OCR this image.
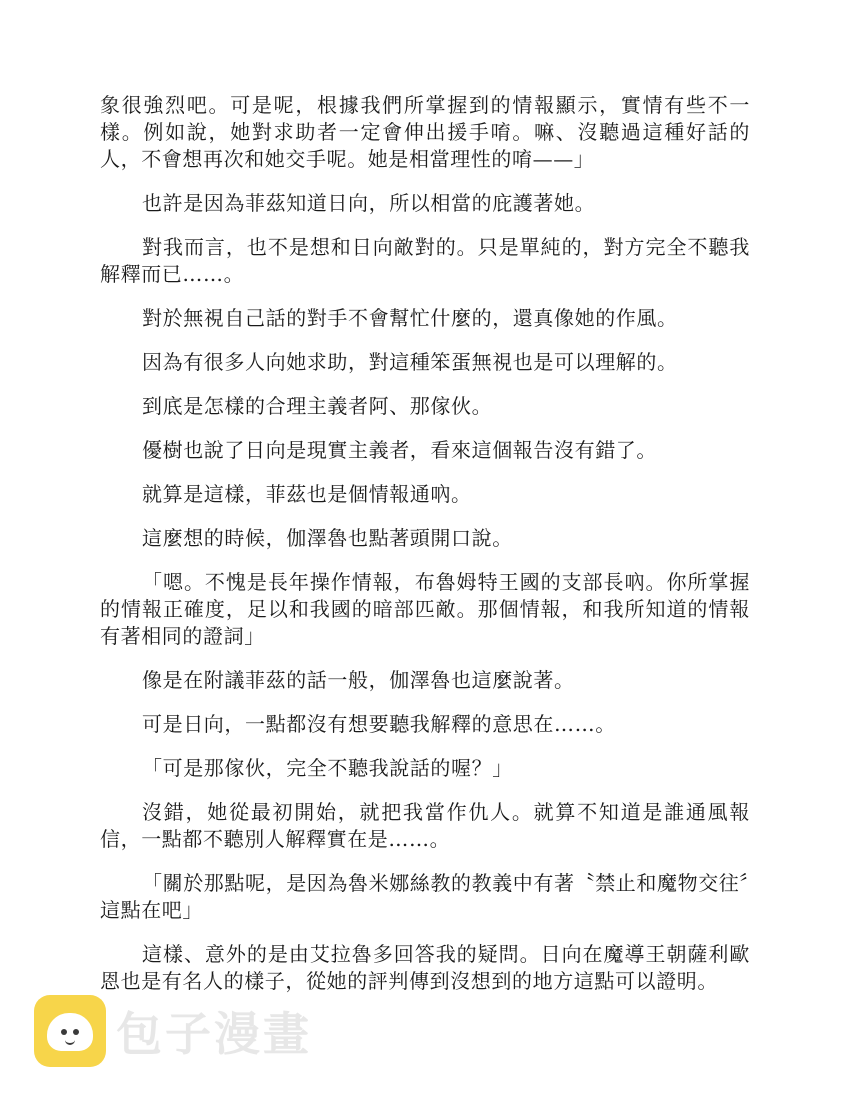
象很強烈吧。可是呢，根據我們所掌握到的情報顯示，實情有些不一樣。例如說，她對求助者一定會伸出援手唷。嘛、沒聽過這種好話的人，不會想再次和她交手呢。她是相當理性的唷——」

也許是因為菲茲知道日向，所以相當的庇護著她。

對我而言，也不是想和日向敵對的。只是單純的，對方完全不聽我解釋而已……。

對於無視自己話的對手不會幫忙什麼的，還真像她的作風。

因為有很多人向她求助，對這種笨蛋無視也是可以理解的。

到底是怎樣的合理主義者阿、那傢伙。

優樹也說了日向是現實主義者，看來這個報告沒有錯了。

就算是這樣，菲茲也是個情報通吶。

這麼想的時候，伽澤魯也點著頭開口說。

「嗯。不愧是長年操作情報，布魯姆特王國的支部長吶。你所掌握的情報正確度，足以和我國的暗部匹敵。那個情報，和我所知道的情報有著相同的證詞」

像是在附議菲茲的話一般，伽澤魯也這麼說著。

可是日向，一點都沒有想要聽我解釋的意思在……。

「可是那傢伙，完全不聽我說話的喔？」

沒錯，她從最初開始，就把我當作仇人。就算不知道是誰通風報信，一點都不聽別人解釋實在是……。

「關於那點呢，是因為魯米娜絲教的教義中有著〝禁止和魔物交往〞這點在吧」

這樣、意外的是由艾拉魯多回答我的疑問。日向在魔導王朝薩利歐恩也是有名人的樣子，從她的評判傳到沒想到的地方這點可以證明。

包子漫畫
